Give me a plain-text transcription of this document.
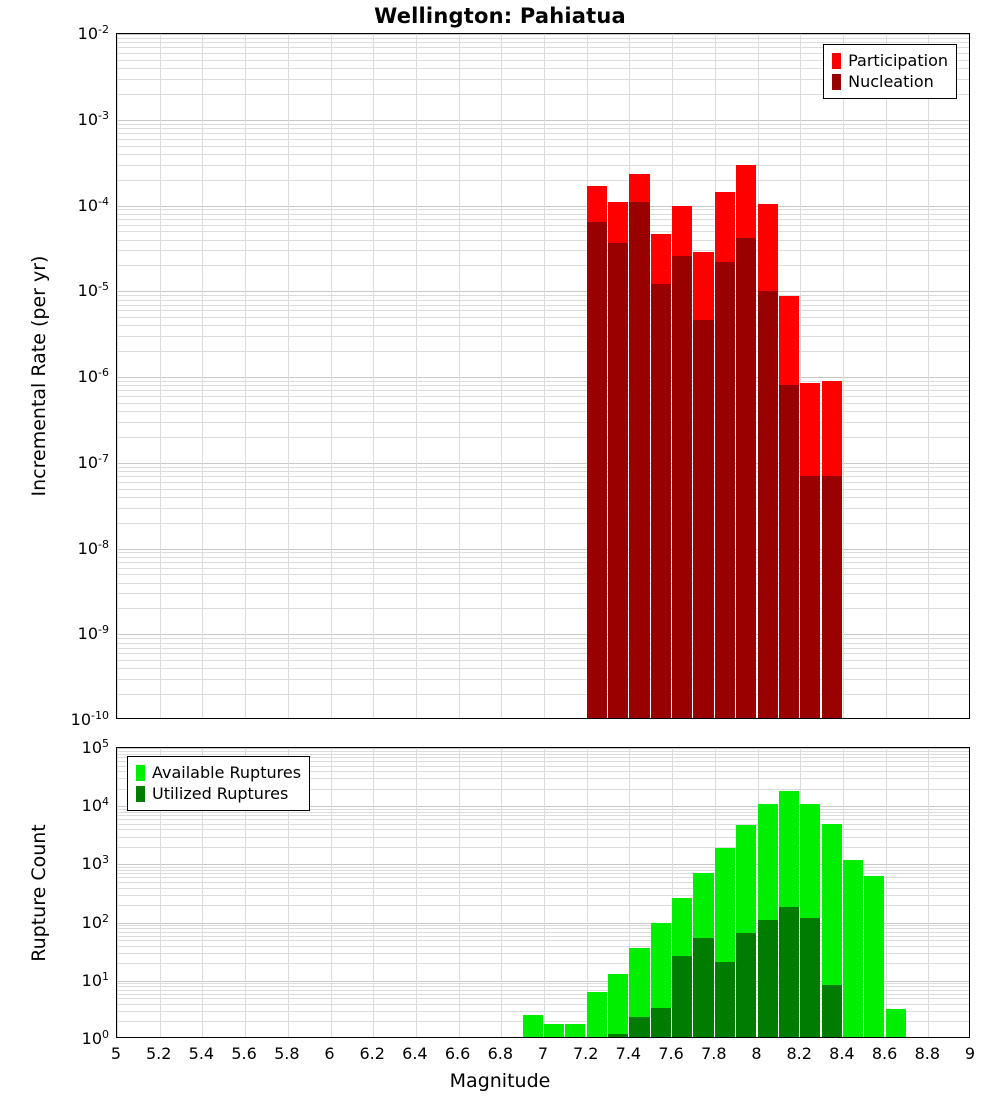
Wellington: Pahiatua
Participation
Nucleation
Available Ruptures
Utilized Ruptures
$10^{-2}$
$10^{-3}$
$10^{-4}$
$10^{-5}$
$10^{-6}$
$10^{-7}$
$10^{-8}$
$10^{-9}$
$10^{-10}$
$10^5$
$10^4$
$10^3$
$10^2$
$10^1$
$10^0$
5 5.2 5.4 5.6 5.8 6 6.2 6.4 6.6 6.8 7 7.2 7.4 7.6 7.8 8 8.2 8.4 8.6 8.8 9
Incremental Rate (per yr)
Rupture Count
Magnitude
